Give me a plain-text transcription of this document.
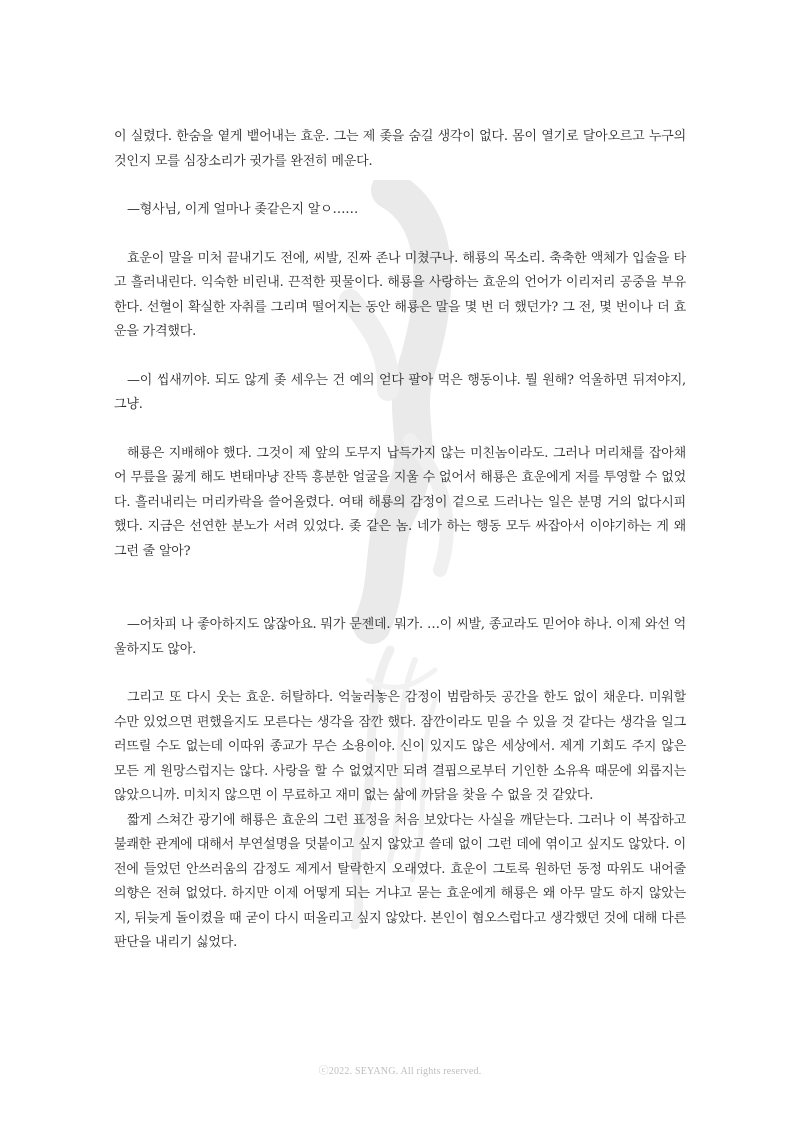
이 실렸다. 한숨을 옅게 뱉어내는 효운. 그는 제 좆을 숨길 생각이 없다. 몸이 열기로 달아오르고 누구의 것인지 모를 심장소리가 귓가를 완전히 메운다.

—형사님, 이게 얼마나 좆같은지 알ㅇ……

효운이 말을 미처 끝내기도 전에, 씨발, 진짜 존나 미쳤구나. 해룡의 목소리. 축축한 액체가 입술을 타고 흘러내린다. 익숙한 비린내. 끈적한 핏물이다. 해룡을 사랑하는 효운의 언어가 이리저리 공중을 부유한다. 선혈이 확실한 자취를 그리며 떨어지는 동안 해룡은 말을 몇 번 더 했던가? 그 전, 몇 번이나 더 효운을 가격했다.

—이 씹새끼야. 되도 않게 좆 세우는 건 예의 얻다 팔아 먹은 행동이냐. 뭘 원해? 억울하면 뒤져야지, 그냥.

해룡은 지배해야 했다. 그것이 제 앞의 도무지 납득가지 않는 미친놈이라도. 그러나 머리채를 잡아채어 무릎을 꿇게 해도 변태마냥 잔뜩 흥분한 얼굴을 지울 수 없어서 해룡은 효운에게 저를 투영할 수 없었다. 흘러내리는 머리카락을 쓸어올렸다. 여태 해룡의 감정이 겉으로 드러나는 일은 분명 거의 없다시피 했다. 지금은 선연한 분노가 서려 있었다. 좆 같은 놈. 네가 하는 행동 모두 싸잡아서 이야기하는 게 왜 그런 줄 알아?

—어차피 나 좋아하지도 않잖아요. 뭐가 문젠데. 뭐가. …이 씨발, 종교라도 믿어야 하나. 이제 와선 억울하지도 않아.

그리고 또 다시 웃는 효운. 허탈하다. 억눌러놓은 감정이 범람하듯 공간을 한도 없이 채운다. 미워할 수만 있었으면 편했을지도 모른다는 생각을 잠깐 했다. 잠깐이라도 믿을 수 있을 것 같다는 생각을 일그러뜨릴 수도 없는데 이따위 종교가 무슨 소용이야. 신이 있지도 않은 세상에서. 제게 기회도 주지 않은 모든 게 원망스럽지는 않다. 사랑을 할 수 없었지만 되려 결핍으로부터 기인한 소유욕 때문에 외롭지는 않았으니까. 미치지 않으면 이 무료하고 재미 없는 삶에 까닭을 찾을 수 없을 것 같았다.

짧게 스쳐간 광기에 해룡은 효운의 그런 표정을 처음 보았다는 사실을 깨닫는다. 그러나 이 복잡하고 불쾌한 관계에 대해서 부연설명을 덧붙이고 싶지 않았고 쓸데 없이 그런 데에 엮이고 싶지도 않았다. 이전에 들었던 안쓰러움의 감정도 제게서 탈락한지 오래였다. 효운이 그토록 원하던 동정 따위도 내어줄 의향은 전혀 없었다. 하지만 이제 어떻게 되는 거냐고 묻는 효운에게 해룡은 왜 아무 말도 하지 않았는지, 뒤늦게 돌이켰을 때 굳이 다시 떠올리고 싶지 않았다. 본인이 혐오스럽다고 생각했던 것에 대해 다른 판단을 내리기 싫었다.

ⓒ2022. SEYANG. All rights reserved.
